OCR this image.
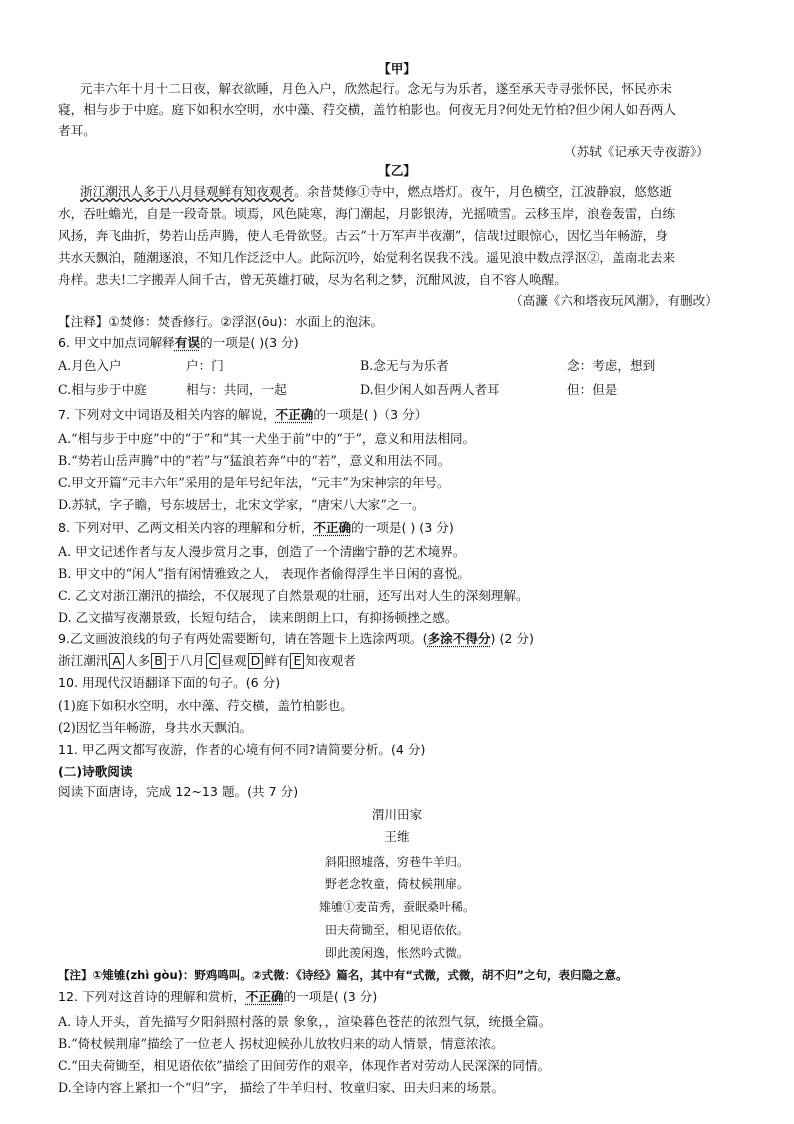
【甲】
元丰六年十月十二日夜，解衣欲睡，月色入户，欣然起行。念无与为乐者，遂至承天寺寻张怀民，怀民亦未
寝，相与步于中庭。庭下如积水空明，水中藻、荇交横，盖竹柏影也。何夜无月?何处无竹柏?但少闲人如吾两人
者耳。
（苏轼《记承天寺夜游》）
【乙】
浙江潮汛人多于八月昼观鲜有知夜观者。余昔焚修①寺中，燃点塔灯。夜午，月色横空，江波静寂，悠悠逝
水，吞吐蟾光，自是一段奇景。顷焉，风色陡寒，海门潮起，月影银涛，光摇喷雪。云移玉岸，浪卷轰雷，白练
风扬，奔飞曲折，势若山岳声腾，使人毛骨欲竖。古云“十万军声半夜潮”，信哉!过眼惊心，因忆当年畅游，身
共水天飘泊，随潮逐浪，不知几作泛泛中人。此际沉吟，始觉利名误我不浅。遥见浪中数点浮沤②，盖南北去来
舟样。悲夫!二字搬弄人间千古，曾无英雄打破，尽为名利之梦，沉酣风波，自不容人唤醒。
（高濂《六和塔夜玩风潮》，有删改）
【注释】①焚修：焚香修行。②浮沤(ōu)：水面上的泡沫。
6. 甲文中加点词解释有误的一项是( )(3 分)
A.月色入户	户：门	B.念无与为乐者	念：考虑，想到
C.相与步于中庭	相与：共同，一起	D.但少闲人如吾两人者耳	但：但是
7. 下列对文中词语及相关内容的解说，不正确的一项是( )（3 分）
A.“相与步于中庭”中的“于”和“其一犬坐于前”中的“于”，意义和用法相同。
B.“势若山岳声腾”中的“若”与“猛浪若奔”中的“若”，意义和用法不同。
C.甲文开篇“元丰六年”采用的是年号纪年法，“元丰”为宋神宗的年号。
D.苏轼，字子瞻，号东坡居士，北宋文学家，“唐宋八大家”之一。
8. 下列对甲、乙两文相关内容的理解和分析，不正确的一项是( ) (3 分)
A. 甲文记述作者与友人漫步赏月之事，创造了一个清幽宁静的艺术境界。
B. 甲文中的“闲人”指有闲情雅致之人， 表现作者偷得浮生半日闲的喜悦。
C. 乙文对浙江潮汛的描绘，不仅展现了自然景观的壮丽，还写出对人生的深刻理解。
D. 乙文描写夜潮景致，长短句结合， 读来朗朗上口，有抑扬顿挫之感。
9.乙文画波浪线的句子有两处需要断句，请在答题卡上选涂两项。(多涂不得分) (2 分)
浙江潮汛 A 人多 B 于八月 C 昼观 D 鲜有 E 知夜观者
10. 用现代汉语翻译下面的句子。(6 分)
(1)庭下如积水空明，水中藻、荇交横，盖竹柏影也。
(2)因忆当年畅游，身共水天飘泊。
11. 甲乙两文都写夜游，作者的心境有何不同?请简要分析。(4 分)
(二)诗歌阅读
阅读下面唐诗，完成 12~13 题。(共 7 分)
渭川田家
王维
斜阳照墟落，穷巷牛羊归。
野老念牧童，倚杖候荆扉。
雉雊①麦苗秀，蚕眠桑叶稀。
田夫荷锄至，相见语依依。
即此羡闲逸，怅然吟式微。
【注】①雉雊(zhì gòu)：野鸡鸣叫。②式微：《诗经》篇名，其中有“式微，式微，胡不归”之句，表归隐之意。
12. 下列对这首诗的理解和赏析，不正确的一项是( (3 分)
A. 诗人开头，首先描写夕阳斜照村落的景 象象，，渲染暮色苍茫的浓烈气氛，统摄全篇。
B.“倚杖候荆扉”描绘了一位老人 拐杖迎候孙儿放牧归来的动人情景，情意浓浓。
C.“田夫荷锄至，相见语依依”描绘了田间劳作的艰辛，体现作者对劳动人民深深的同情。
D.全诗内容上紧扣一个“归”字， 描绘了牛羊归村、牧童归家、田夫归来的场景。
